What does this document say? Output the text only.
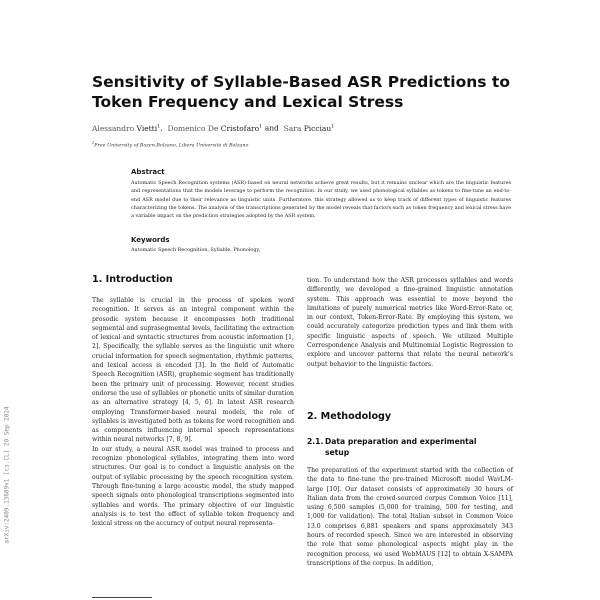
Sensitivity of Syllable-Based ASR Predictions to Token Frequency and Lexical Stress
Alessandro Vietti$^1$,  Domenico De Cristofaro$^1$ and Sara Picciau$^1$
$^1$Free University of Bozen-Bolzano, Libera Università di Bolzano
Abstract
Automatic Speech Recognition systems (ASR) based on neural networks achieve great results, but it remains unclear which are the linguistic features and representations that the models leverage to perform the recognition. In our study, we used phonological syllables as tokens to fine-tune an end-to-end ASR model due to their relevance as linguistic units. Furthermore, this strategy allowed us to keep track of different types of linguistic features characterizing the tokens. The analysis of the transcriptions generated by the model reveals that factors such as token frequency and lexical stress have a variable impact on the prediction strategies adopted by the ASR system.
Keywords
Automatic Speech Recognition, Syllable, Phonology,
1. Introduction

The syllable is crucial in the process of spoken word recognition. It serves as an integral component within the prosodic system because it encompasses both traditional segmental and suprasegmental levels, facilitating the extraction of lexical and syntactic structures from acoustic information [1, 2]. Specifically, the syllable serves as the linguistic unit where crucial information for speech segmentation, rhythmic patterns, and lexical access is encoded [3]. In the field of Automatic Speech Recognition (ASR), graphemic segment has traditionally been the primary unit of processing. However, recent studies endorse the use of syllables or phonetic units of similar duration as an alternative strategy [4, 5, 6]. In latest ASR research employing Transformer-based neural models, the role of syllables is investigated both as tokens for word recognition and as components influencing internal speech representations within neural networks [7, 8, 9].

In our study, a neural ASR model was trained to process and recognize phonological syllables, integrating them into word structures. Our goal is to conduct a linguistic analysis on the output of syllabic processing by the speech recognition system. Through fine-tuning a large acoustic model, the study mapped speech signals onto phonological transcriptions segmented into syllables and words. The primary objective of our linguistic analysis is to test the effect of syllable token frequency and lexical stress on the accuracy of output neural representa-

tion. To understand how the ASR processes syllables and words differently, we developed a fine-grained linguistic annotation system. This approach was essential to move beyond the limitations of purely numerical metrics like Word-Error-Rate or, in our context, Token-Error-Rate. By employing this system, we could accurately categorize prediction types and link them with specific linguistic aspects of speech. We utilized Multiple Correspondence Analysis and Multinomial Logistic Regression to explore and uncover patterns that relate the neural network’s output behavior to the linguistic factors.

2. Methodology
2.1. Data preparation and experimental
setup

The preparation of the experiment started with the collection of the data to fine-tune the pre-trained Microsoft model WavLM-large [10]. Our dataset consists of approximately 30 hours of Italian data from the crowd-sourced corpus Common Voice [11], using 6,500 samples (5,000 for training, 500 for testing, and 1,000 for validation). The total Italian subset in Common Voice 13.0 comprises 6,881 speakers and spans approximately 343 hours of recorded speech. Since we are interested in observing the role that some phonological aspects might play in the recognition process, we used WebMAUS [12] to obtain X-SAMPA transcriptions of the corpus. In addition,

arXiv:2409.13689v1 [cs.CL] 20 Sep 2024
